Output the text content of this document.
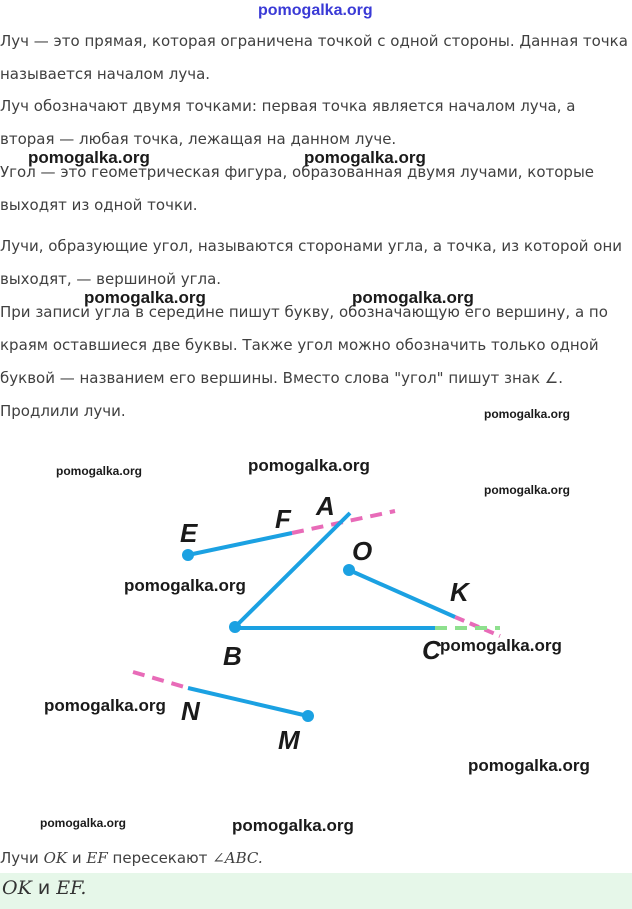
pomogalka.org

Луч — это прямая, которая ограничена точкой с одной стороны. Данная точка называется началом луча.

Луч обозначают двумя точками: первая точка является началом луча, а вторая — любая точка, лежащая на данном луче.

Угол — это геометрическая фигура, образованная двумя лучами, которые выходят из одной точки.

Лучи, образующие угол, называются сторонами угла, а точка, из которой они выходят, — вершиной угла.

При записи угла в середине пишут букву, обозначающую его вершину, а по краям оставшиеся две буквы. Также угол можно обозначить только одной буквой — названием его вершины. Вместо слова "угол" пишут знак ∠.

Продлили лучи.

pomogalka.org	pomogalka.org
pomogalka.org	pomogalka.org
pomogalka.org
A
B	C
E	F
O
K
N
M
pomogalka.org	pomogalka.org
pomogalka.org
pomogalka.org
pomogalka.org
pomogalka.org
pomogalka.org
pomogalka.org	pomogalka.org

Лучи OK и EF пересекают ∠ABC.

OK и EF.
